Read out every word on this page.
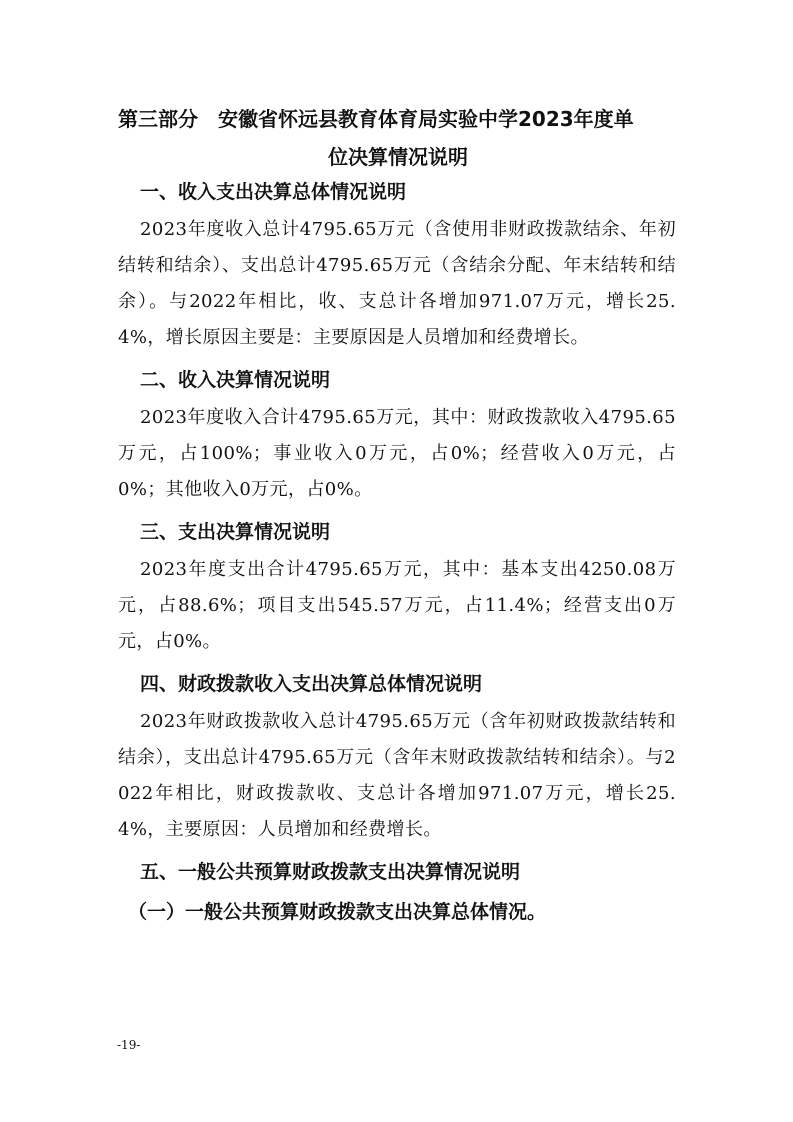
第三部分　安徽省怀远县教育体育局实验中学2023年度单
位决算情况说明
一、收入支出决算总体情况说明

2023年度收入总计4795.65万元（含使用非财政拨款结余、年初结转和结余）、支出总计4795.65万元（含结余分配、年末结转和结余）。与2022年相比，收、支总计各增加971.07万元，增长25.4%，增长原因主要是：主要原因是人员增加和经费增长。

二、收入决算情况说明

2023年度收入合计4795.65万元，其中：财政拨款收入4795.65万元，占100%；事业收入0万元，占0%；经营收入0万元，占0%；其他收入0万元，占0%。

三、支出决算情况说明

2023年度支出合计4795.65万元，其中：基本支出4250.08万元，占88.6%；项目支出545.57万元，占11.4%；经营支出0万元，占0%。

四、财政拨款收入支出决算总体情况说明

2023年财政拨款收入总计4795.65万元（含年初财政拨款结转和结余），支出总计4795.65万元（含年末财政拨款结转和结余）。与2022年相比，财政拨款收、支总计各增加971.07万元，增长25.4%，主要原因：人员增加和经费增长。

五、一般公共预算财政拨款支出决算情况说明
（一）一般公共预算财政拨款支出决算总体情况。
-19-
